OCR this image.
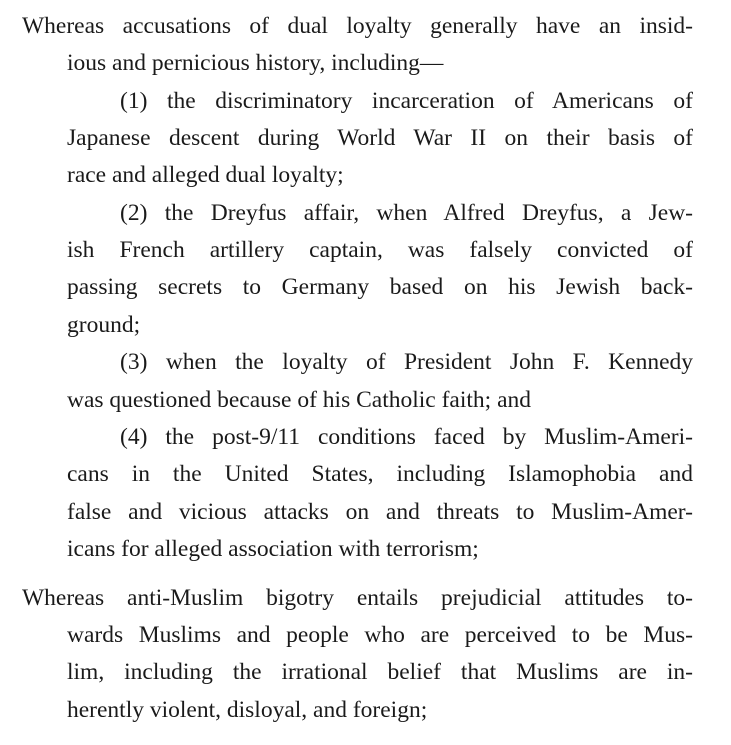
Whereas accusations of dual loyalty generally have an insid-
ious and pernicious history, including—
(1) the discriminatory incarceration of Americans of
Japanese descent during World War II on their basis of
race and alleged dual loyalty;
(2) the Dreyfus affair, when Alfred Dreyfus, a Jew-
ish French artillery captain, was falsely convicted of
passing secrets to Germany based on his Jewish back-
ground;
(3) when the loyalty of President John F. Kennedy
was questioned because of his Catholic faith; and
(4) the post-9/11 conditions faced by Muslim-Ameri-
cans in the United States, including Islamophobia and
false and vicious attacks on and threats to Muslim-Amer-
icans for alleged association with terrorism;
Whereas anti-Muslim bigotry entails prejudicial attitudes to-
wards Muslims and people who are perceived to be Mus-
lim, including the irrational belief that Muslims are in-
herently violent, disloyal, and foreign;
